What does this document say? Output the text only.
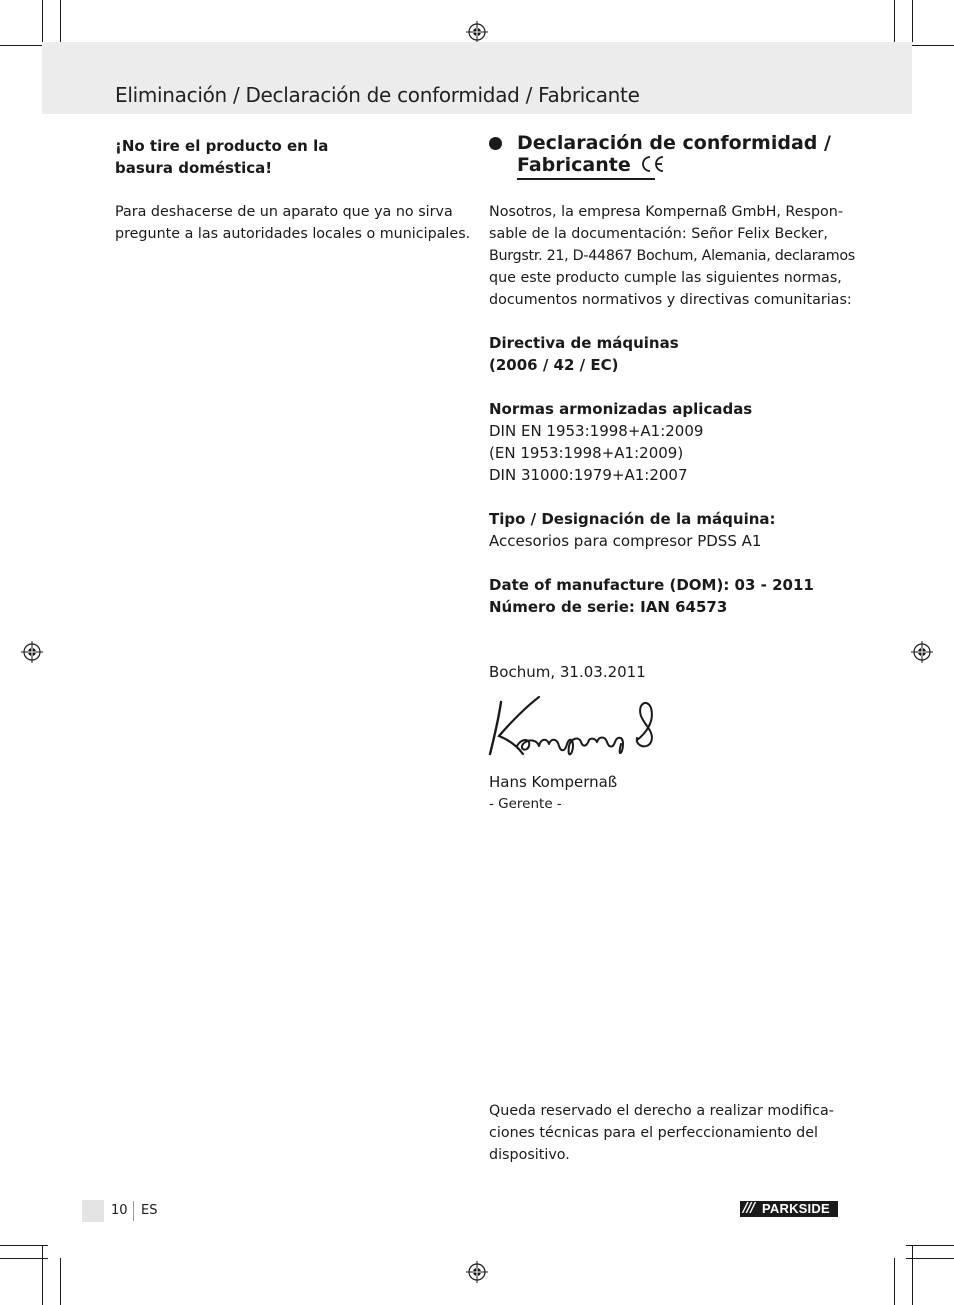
Eliminación / Declaración de conformidad / Fabricante
¡No tire el producto en la
basura doméstica!
Para deshacerse de un aparato que ya no sirva
pregunte a las autoridades locales o municipales.
Declaración de conformidad /
Fabricante
Nosotros, la empresa Kompernaß GmbH, Respon-
sable de la documentación: Señor Felix Becker,
Burgstr. 21, D-44867 Bochum, Alemania, declaramos
que este producto cumple las siguientes normas,
documentos normativos y directivas comunitarias:
Directiva de máquinas
(2006 / 42 / EC)
Normas armonizadas aplicadas
DIN EN 1953:1998+A1:2009
(EN 1953:1998+A1:2009)
DIN 31000:1979+A1:2007
Tipo / Designación de la máquina:
Accesorios para compresor PDSS A1
Date of manufacture (DOM): 03 - 2011
Número de serie: IAN 64573
Bochum, 31.03.2011
Hans Kompernaß
- Gerente -
Queda reservado el derecho a realizar modifica-
ciones técnicas para el perfeccionamiento del
dispositivo.
10 ES	/// PARKSIDE
